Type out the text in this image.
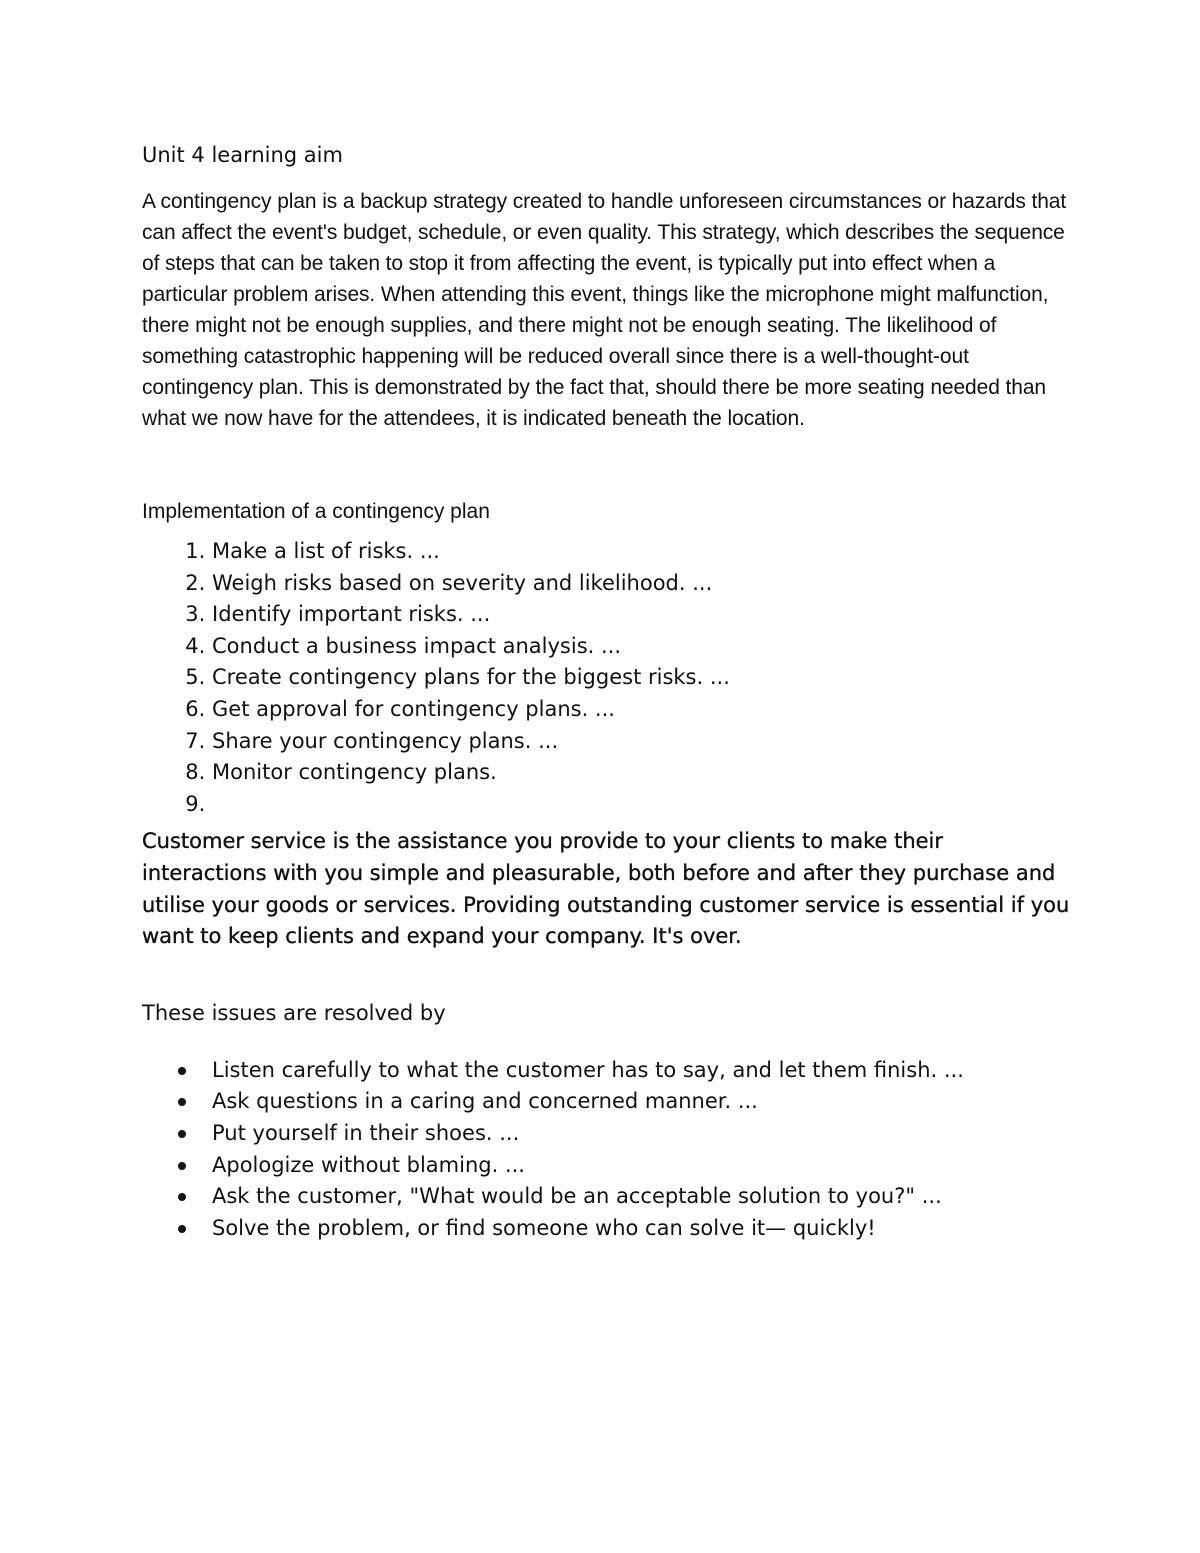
Unit 4 learning aim

A contingency plan is a backup strategy created to handle unforeseen circumstances or hazards that can affect the event's budget, schedule, or even quality. This strategy, which describes the sequence of steps that can be taken to stop it from affecting the event, is typically put into effect when a particular problem arises. When attending this event, things like the microphone might malfunction, there might not be enough supplies, and there might not be enough seating. The likelihood of something catastrophic happening will be reduced overall since there is a well-thought-out contingency plan. This is demonstrated by the fact that, should there be more seating needed than what we now have for the attendees, it is indicated beneath the location.

Implementation of a contingency plan
1. Make a list of risks. ...
2. Weigh risks based on severity and likelihood. ...
3. Identify important risks. ...
4. Conduct a business impact analysis. ...
5. Create contingency plans for the biggest risks. ...
6. Get approval for contingency plans. ...
7. Share your contingency plans. ...
8. Monitor contingency plans.
9.

Customer service is the assistance you provide to your clients to make their interactions with you simple and pleasurable, both before and after they purchase and utilise your goods or services. Providing outstanding customer service is essential if you want to keep clients and expand your company. It's over.

These issues are resolved by

Listen carefully to what the customer has to say, and let them finish. ...
Ask questions in a caring and concerned manner. ...
Put yourself in their shoes. ...
Apologize without blaming. ...
Ask the customer, "What would be an acceptable solution to you?" ...
Solve the problem, or find someone who can solve it— quickly!
